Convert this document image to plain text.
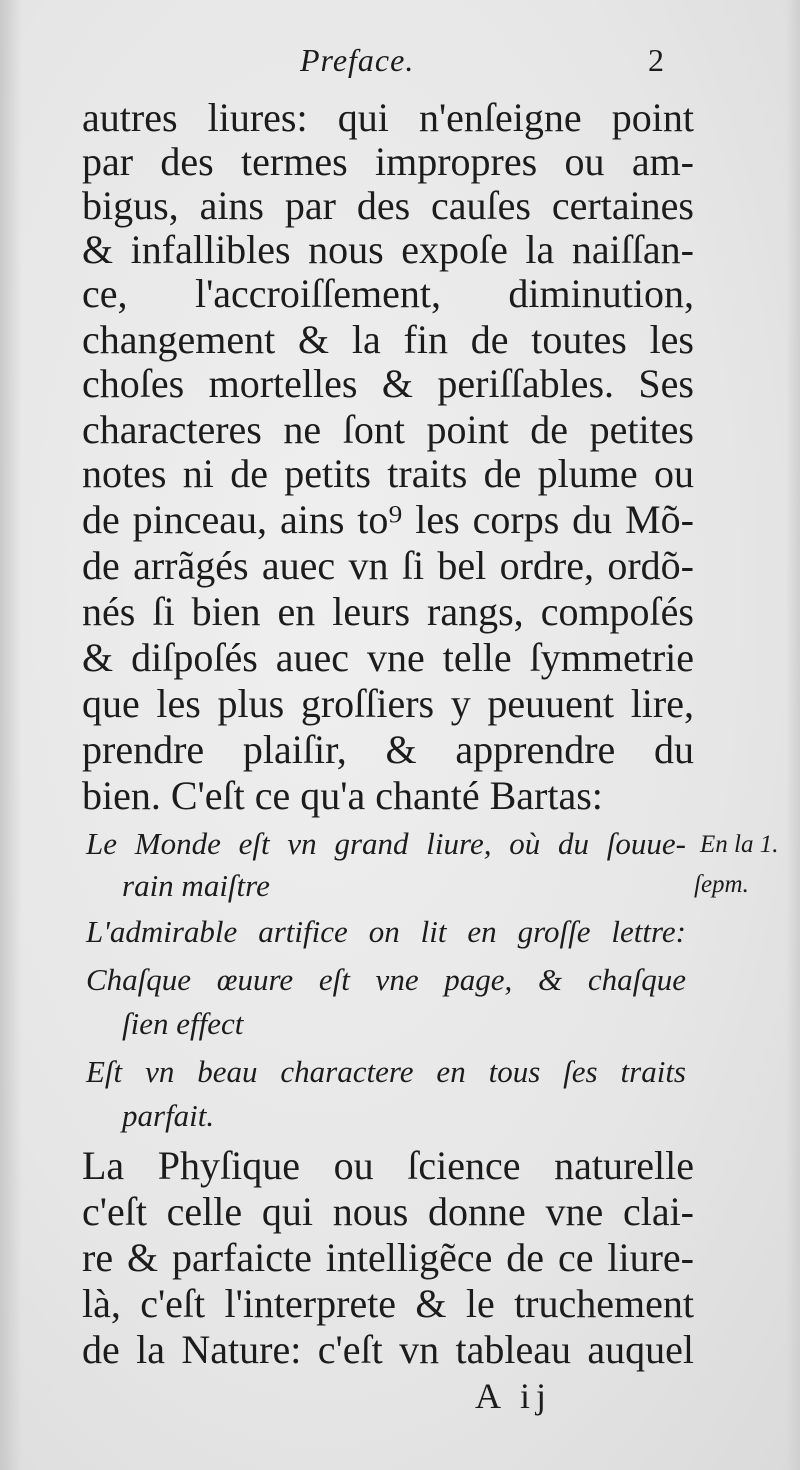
Preface.	2
autres liures: qui n'enſeigne point
par des termes impropres ou am-
bigus, ains par des cauſes certaines
& infallibles nous expoſe la naiſſan-
ce, l'accroiſſement, diminution,
changement & la fin de toutes les
choſes mortelles & periſſables. Ses
characteres ne ſont point de petites
notes ni de petits traits de plume ou
de pinceau, ains to⁹ les corps du Mõ-
de arrãgés auec vn ſi bel ordre, ordõ-
nés ſi bien en leurs rangs, compoſés
& diſpoſés auec vne telle ſymmetrie
que les plus groſſiers y peuuent lire,
prendre plaiſir, & apprendre du
bien. C'eſt ce qu'a chanté Bartas:
Le Monde eſt vn grand liure, où du ſouue-
rain maiſtre
L'admirable artifice on lit en groſſe lettre:
Chaſque œuure eſt vne page, & chaſque
ſien effect
Eſt vn beau charactere en tous ſes traits
parfait.
En la 1.
ſepm.
La Phyſique ou ſcience naturelle
c'eſt celle qui nous donne vne clai-
re & parfaicte intelligẽce de ce liure-
là, c'eſt l'interprete & le truchement
de la Nature: c'eſt vn tableau auquel
A ij
